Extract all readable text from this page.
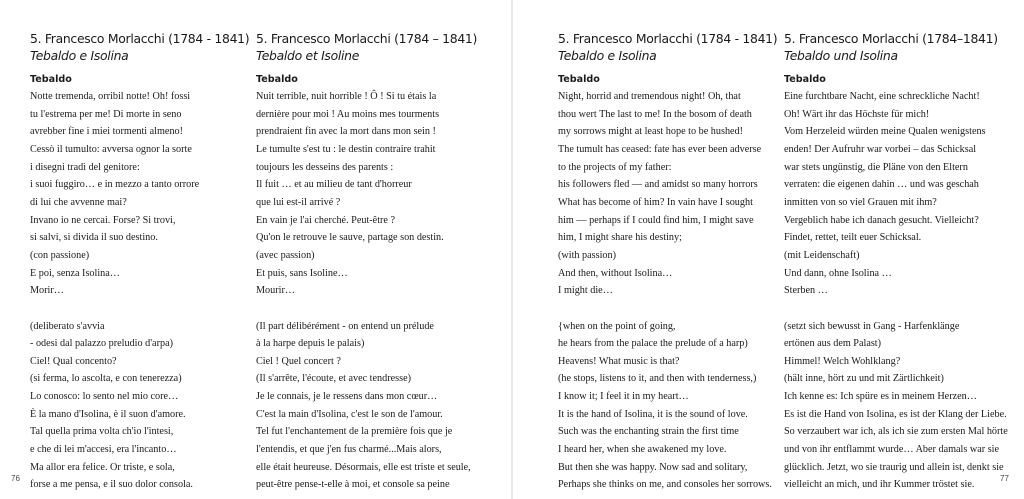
5. Francesco Morlacchi (1784 - 1841)
Tebaldo e Isolina
Tebaldo
Notte tremenda, orribil notte! Oh! fossi
tu l'estrema per me! Di morte in seno
avrebber fine i miei tormenti almeno!
Cessò il tumulto: avversa ognor la sorte
i disegni tradì del genitore:
i suoi fuggiro… e in mezzo a tanto orrore
di lui che avvenne mai?
Invano io ne cercai. Forse? Si trovi,
si salvi, si divida il suo destino.
(con passione)
E poi, senza Isolina…
Morir…
(deliberato s'avvia
- odesi dal palazzo preludio d'arpa)
Ciel! Qual concento?
(si ferma, lo ascolta, e con tenerezza)
Lo conosco: lo sento nel mio core…
È la mano d'Isolina, è il suon d'amore.
Tal quella prima volta ch'io l'intesi,
e che di lei m'accesi, era l'incanto…
Ma allor era felice. Or triste, e sola,
forse a me pensa, e il suo dolor consola.
5. Francesco Morlacchi (1784 – 1841)
Tebaldo et Isoline
Tebaldo
Nuit terrible, nuit horrible ! Ô ! Si tu étais la
dernière pour moi ! Au moins mes tourments
prendraient fin avec la mort dans mon sein !
Le tumulte s'est tu : le destin contraire trahit
toujours les desseins des parents :
Il fuit … et au milieu de tant d'horreur
que lui est-il arrivé ?
En vain je l'ai cherché. Peut-être ?
Qu'on le retrouve le sauve, partage son destin.
(avec passion)
Et puis, sans Isoline…
Mourir…
(Il part délibérément - on entend un prélude
à la harpe depuis le palais)
Ciel ! Quel concert ?
(Il s'arrête, l'écoute, et avec tendresse)
Je le connais, je le ressens dans mon cœur…
C'est la main d'Isolina, c'est le son de l'amour.
Tel fut l'enchantement de la première fois que je
l'entendis, et que j'en fus charmé...Mais alors,
elle était heureuse. Désormais, elle est triste et seule,
peut-être pense-t-elle à moi, et console sa peine
5. Francesco Morlacchi (1784 - 1841)
Tebaldo e Isolina
Tebaldo
Night, horrid and tremendous night! Oh, that
thou wert The last to me! In the bosom of death
my sorrows might at least hope to be hushed!
The tumult has ceased: fate has ever been adverse
to the projects of my father:
his followers fled — and amidst so many horrors
What has become of him? In vain have I sought
him — perhaps if I could find him, I might save
him, I might share his destiny;
(with passion)
And then, without Isolina…
I might die…
{when on the point of going,
he hears from the palace the prelude of a harp)
Heavens! What music is that?
(he stops, listens to it, and then with tenderness,)
I know it; I feel it in my heart…
It is the hand of Isolina, it is the sound of love.
Such was the enchanting strain the first time
I heard her, when she awakened my love.
But then she was happy. Now sad and solitary,
Perhaps she thinks on me, and consoles her sorrows.
5. Francesco Morlacchi (1784–1841)
Tebaldo und Isolina
Tebaldo
Eine furchtbare Nacht, eine schreckliche Nacht!
Oh! Wärt ihr das Höchste für mich!
Vom Herzeleid würden meine Qualen wenigstens
enden! Der Aufruhr war vorbei – das Schicksal
war stets ungünstig, die Pläne von den Eltern
verraten: die eigenen dahin … und was geschah
inmitten von so viel Grauen mit ihm?
Vergeblich habe ich danach gesucht. Vielleicht?
Findet, rettet, teilt euer Schicksal.
(mit Leidenschaft)
Und dann, ohne Isolina …
Sterben …
(setzt sich bewusst in Gang - Harfenklänge
ertönen aus dem Palast)
Himmel! Welch Wohlklang?
(hält inne, hört zu und mit Zärtlichkeit)
Ich kenne es: Ich spüre es in meinem Herzen…
Es ist die Hand von Isolina, es ist der Klang der Liebe.
So verzaubert war ich, als ich sie zum ersten Mal hörte
und von ihr entflammt wurde… Aber damals war sie
glücklich. Jetzt, wo sie traurig und allein ist, denkt sie
vielleicht an mich, und ihr Kummer tröstet sie.
76	77
